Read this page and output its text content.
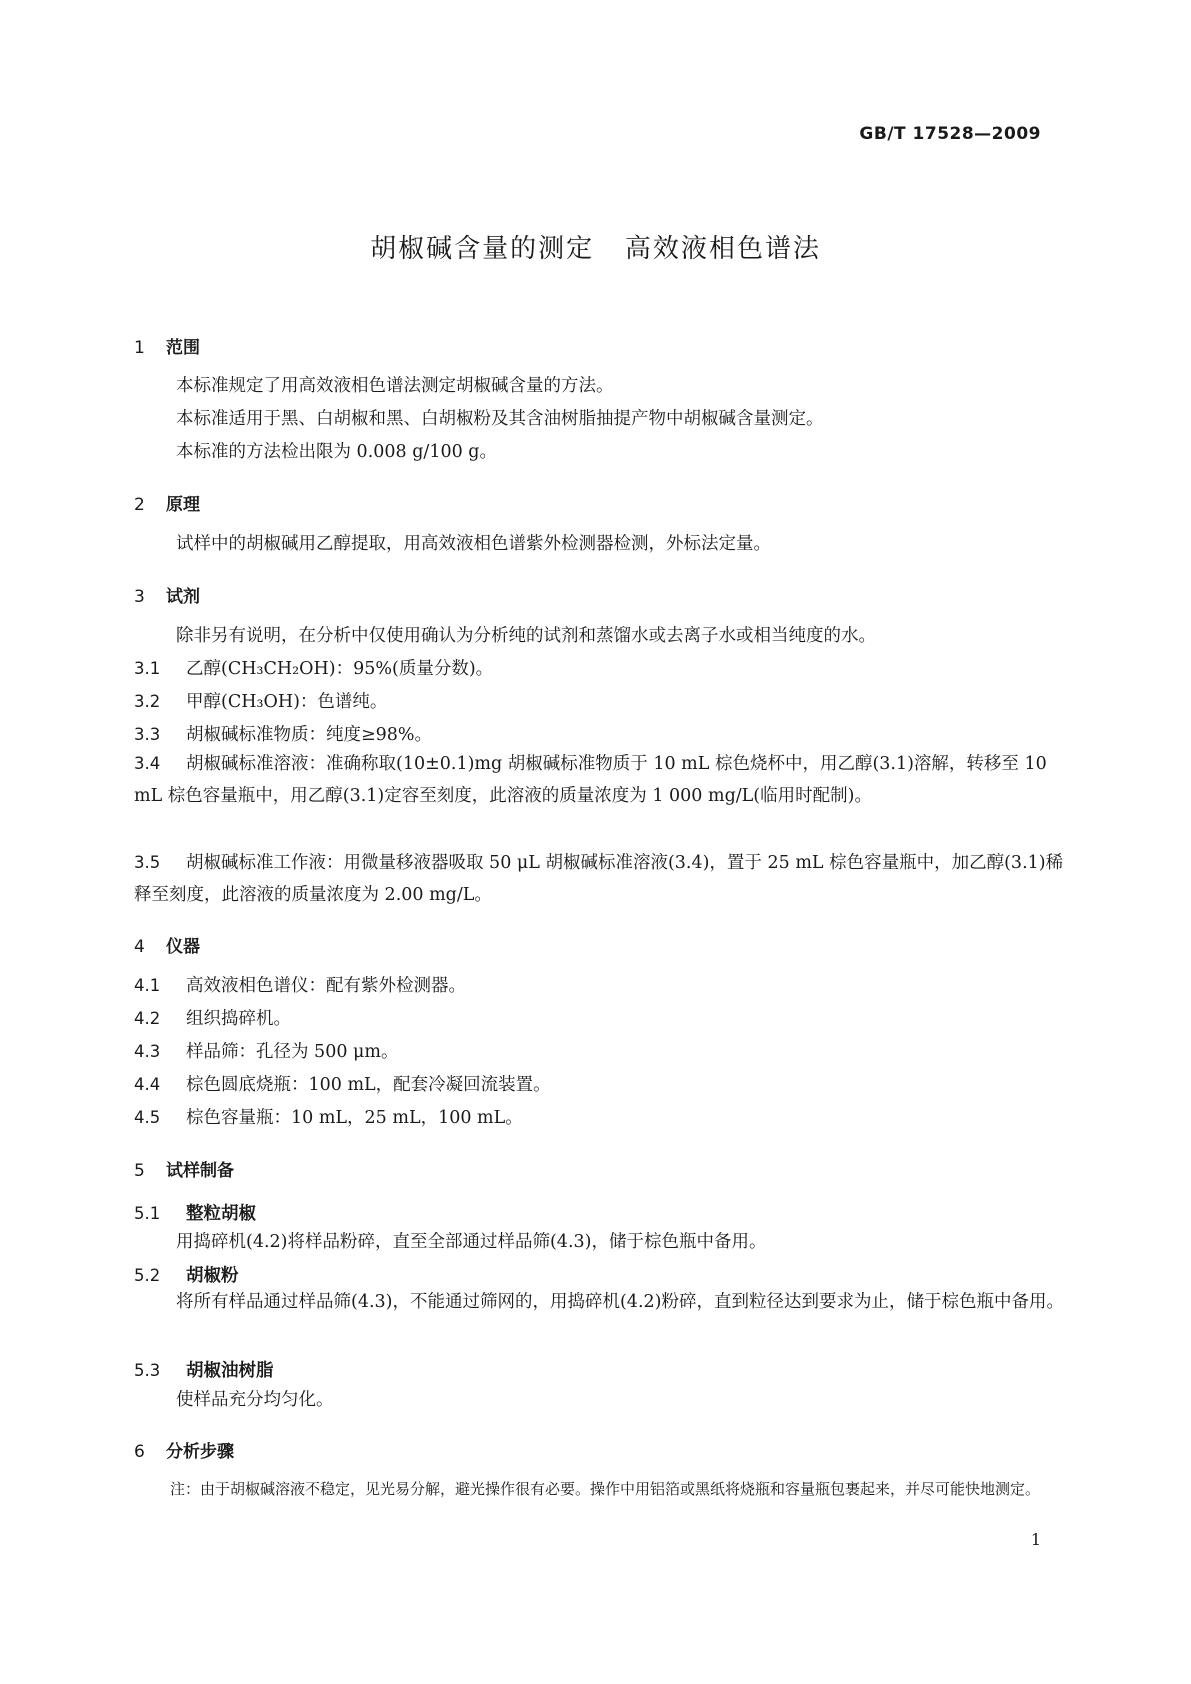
GB/T 17528—2009
胡椒碱含量的测定   高效液相色谱法
1 范围
本标准规定了用高效液相色谱法测定胡椒碱含量的方法。
本标准适用于黑、白胡椒和黑、白胡椒粉及其含油树脂抽提产物中胡椒碱含量测定。
本标准的方法检出限为 0.008 g/100 g。
2 原理
试样中的胡椒碱用乙醇提取，用高效液相色谱紫外检测器检测，外标法定量。
3 试剂
除非另有说明，在分析中仅使用确认为分析纯的试剂和蒸馏水或去离子水或相当纯度的水。
3.1 乙醇(CH₃CH₂OH)：95%(质量分数)。
3.2 甲醇(CH₃OH)：色谱纯。
3.3 胡椒碱标准物质：纯度≥98%。
3.4 胡椒碱标准溶液：准确称取(10±0.1)mg 胡椒碱标准物质于 10 mL 棕色烧杯中，用乙醇(3.1)溶解，转移至 10 mL 棕色容量瓶中，用乙醇(3.1)定容至刻度，此溶液的质量浓度为 1 000 mg/L(临用时配制)。
3.5 胡椒碱标准工作液：用微量移液器吸取 50 μL 胡椒碱标准溶液(3.4)，置于 25 mL 棕色容量瓶中，加乙醇(3.1)稀释至刻度，此溶液的质量浓度为 2.00 mg/L。
4 仪器
4.1 高效液相色谱仪：配有紫外检测器。
4.2 组织捣碎机。
4.3 样品筛：孔径为 500 μm。
4.4 棕色圆底烧瓶：100 mL，配套冷凝回流装置。
4.5 棕色容量瓶：10 mL，25 mL，100 mL。
5 试样制备
5.1 整粒胡椒
用捣碎机(4.2)将样品粉碎，直至全部通过样品筛(4.3)，储于棕色瓶中备用。
5.2 胡椒粉
将所有样品通过样品筛(4.3)，不能通过筛网的，用捣碎机(4.2)粉碎，直到粒径达到要求为止，储于棕色瓶中备用。
5.3 胡椒油树脂
使样品充分均匀化。
6 分析步骤
注：由于胡椒碱溶液不稳定，见光易分解，避光操作很有必要。操作中用铝箔或黑纸将烧瓶和容量瓶包裹起来，并尽可能快地测定。
1
